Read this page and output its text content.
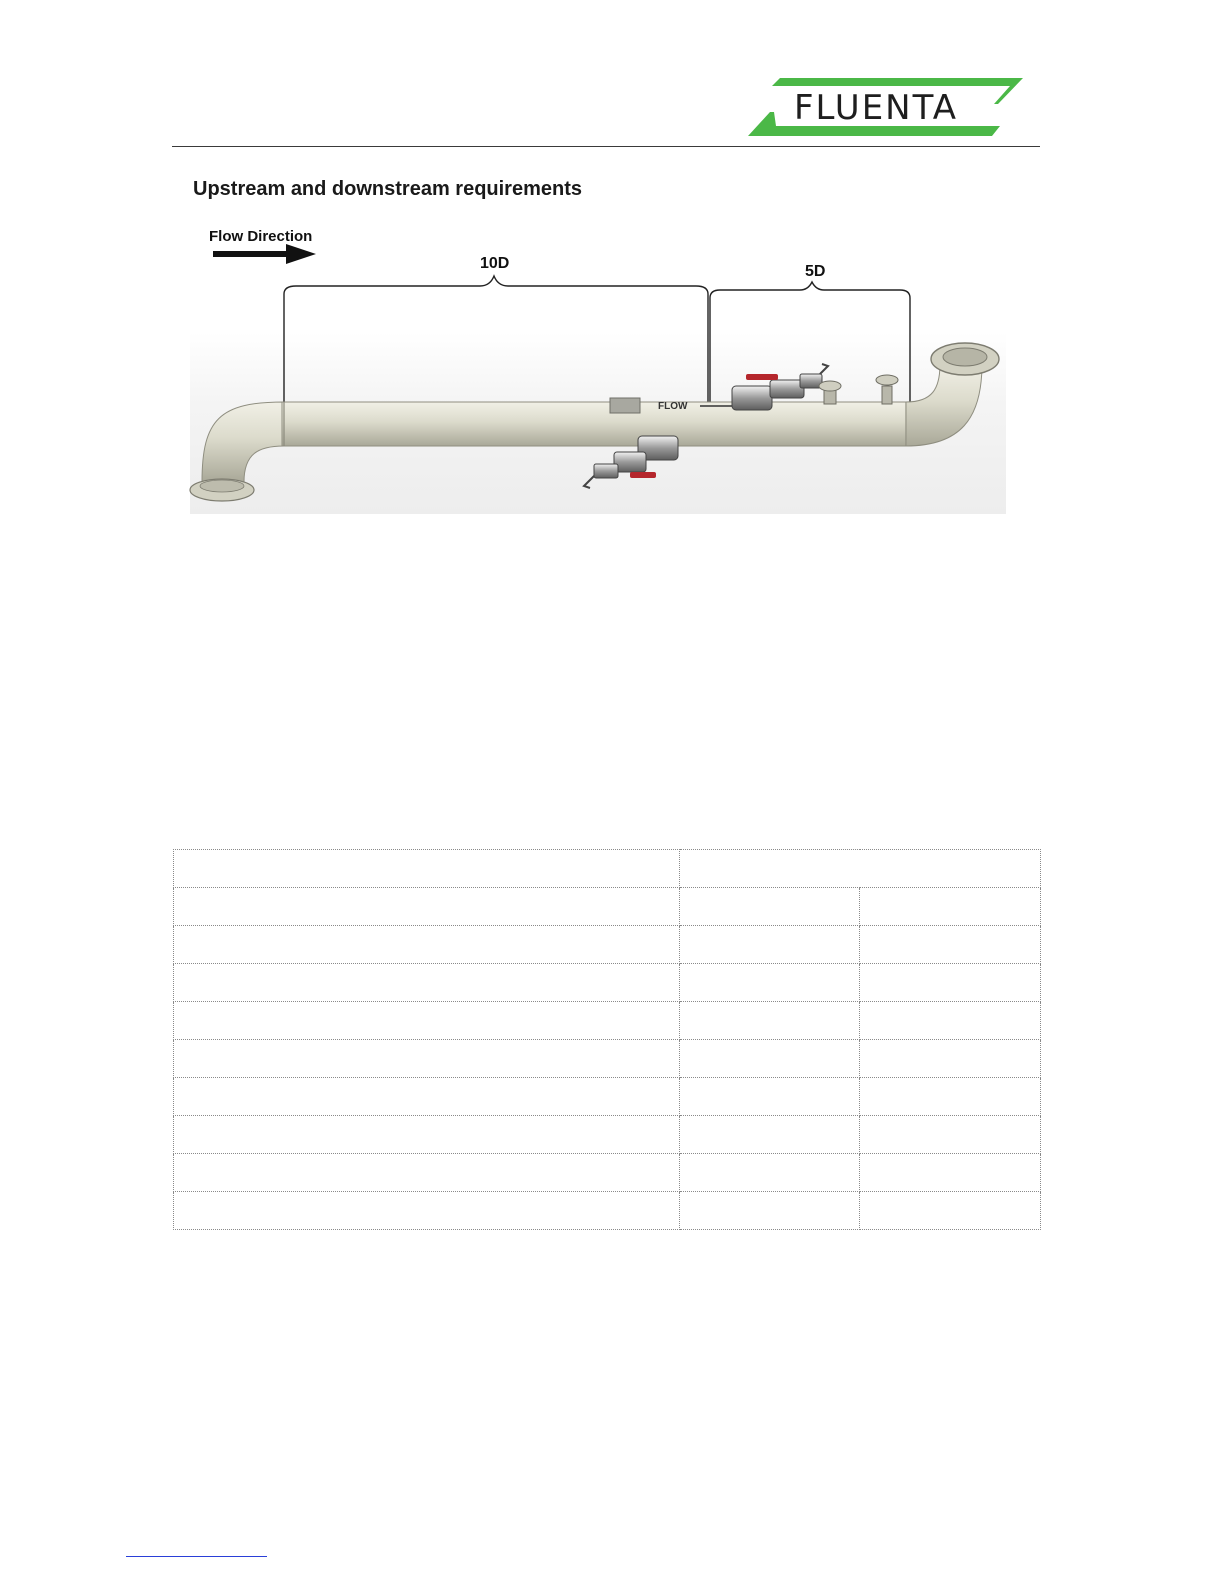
FLUENTA
Upstream and downstream requirements
Flow Direction
10D	5D
FLOW
